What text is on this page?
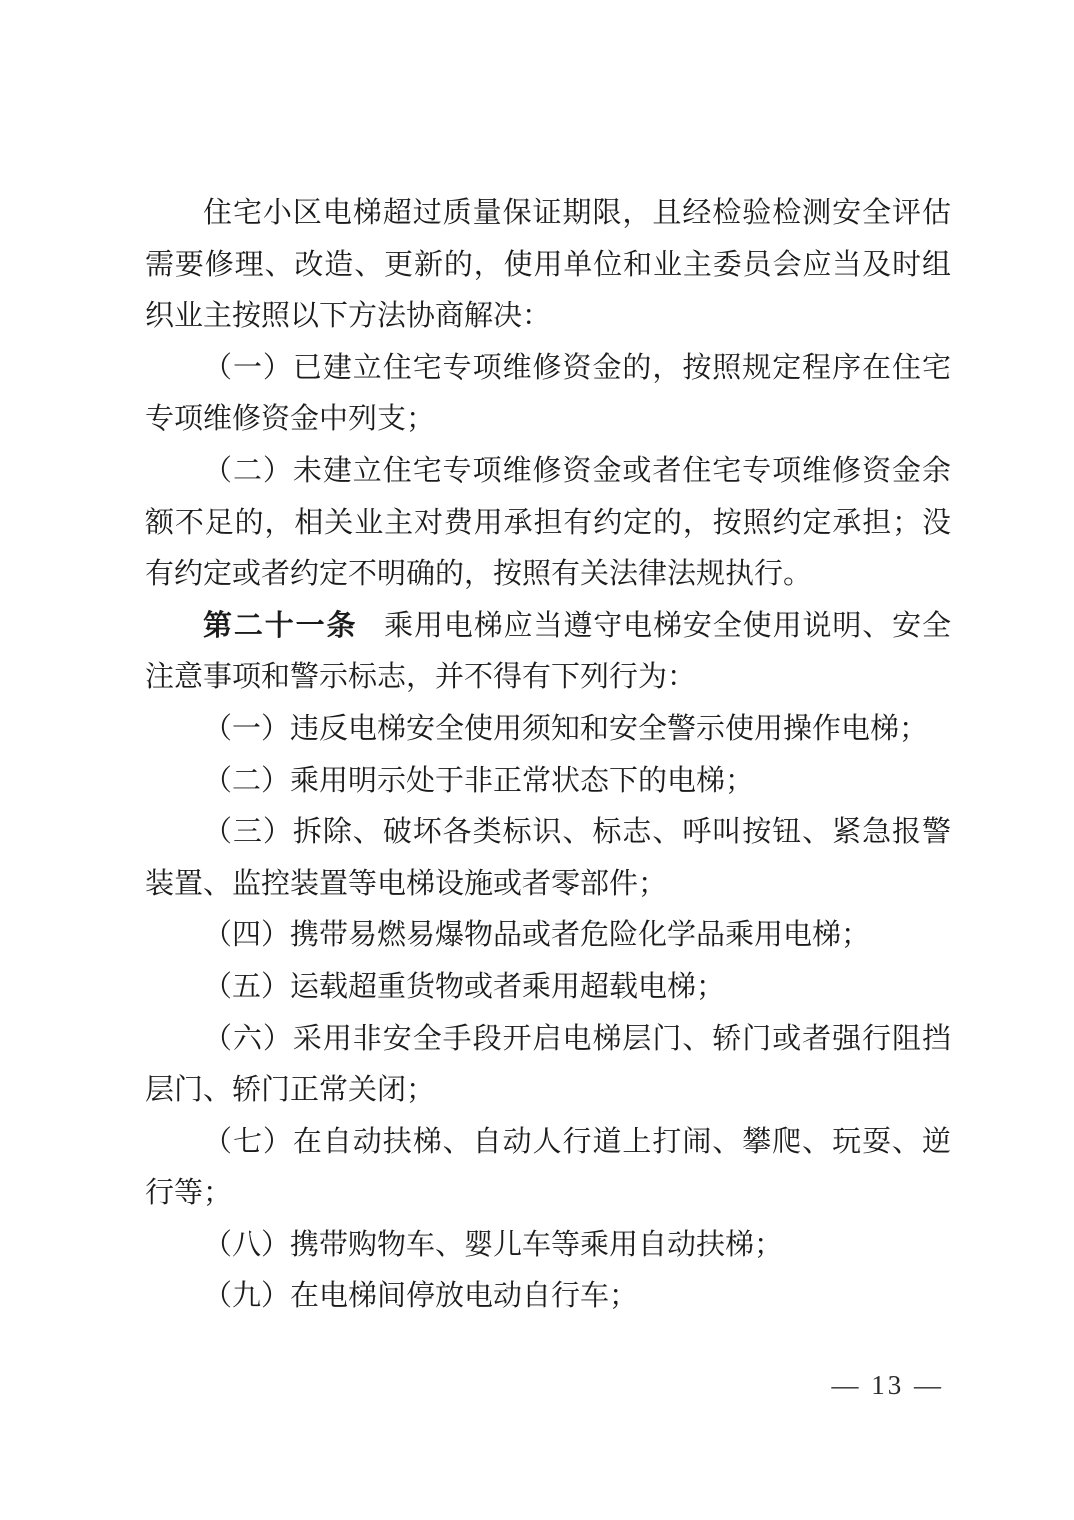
住宅小区电梯超过质量保证期限，且经检验检测安全评估需要修理、改造、更新的，使用单位和业主委员会应当及时组织业主按照以下方法协商解决：

（一）已建立住宅专项维修资金的，按照规定程序在住宅专项维修资金中列支；

（二）未建立住宅专项维修资金或者住宅专项维修资金余额不足的，相关业主对费用承担有约定的，按照约定承担；没有约定或者约定不明确的，按照有关法律法规执行。

第二十一条 乘用电梯应当遵守电梯安全使用说明、安全注意事项和警示标志，并不得有下列行为：

（一）违反电梯安全使用须知和安全警示使用操作电梯；

（二）乘用明示处于非正常状态下的电梯；

（三）拆除、破坏各类标识、标志、呼叫按钮、紧急报警装置、监控装置等电梯设施或者零部件；

（四）携带易燃易爆物品或者危险化学品乘用电梯；

（五）运载超重货物或者乘用超载电梯；

（六）采用非安全手段开启电梯层门、轿门或者强行阻挡层门、轿门正常关闭；

（七）在自动扶梯、自动人行道上打闹、攀爬、玩耍、逆行等；

（八）携带购物车、婴儿车等乘用自动扶梯；

（九）在电梯间停放电动自行车；

— 13 —
